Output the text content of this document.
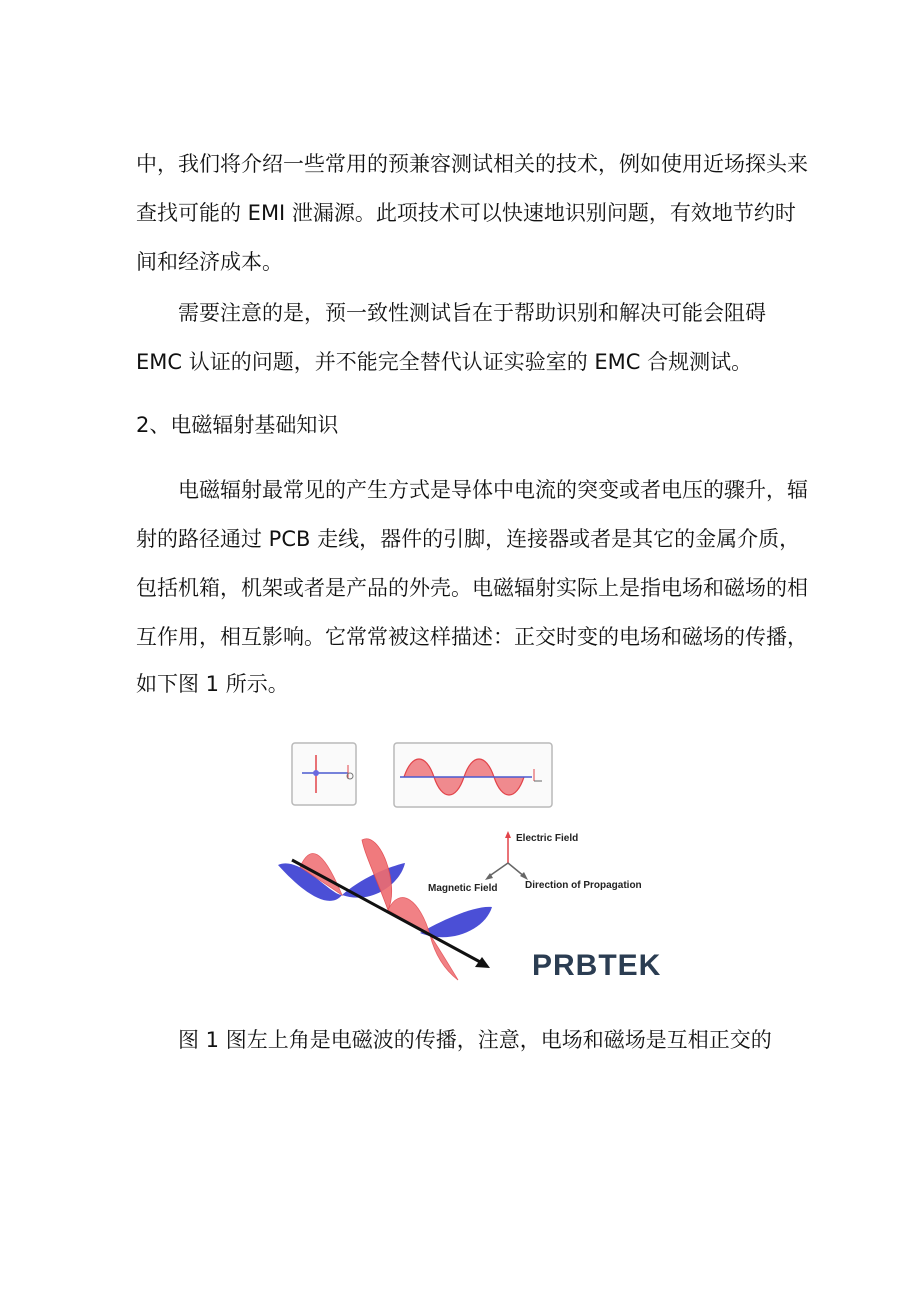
中，我们将介绍一些常用的预兼容测试相关的技术，例如使用近场探头来
查找可能的 EMI 泄漏源。此项技术可以快速地识别问题，有效地节约时
间和经济成本。
需要注意的是，预一致性测试旨在于帮助识别和解决可能会阻碍
EMC 认证的问题，并不能完全替代认证实验室的 EMC 合规测试。
2、电磁辐射基础知识
电磁辐射最常见的产生方式是导体中电流的突变或者电压的骤升，辐
射的路径通过 PCB 走线，器件的引脚，连接器或者是其它的金属介质，
包括机箱，机架或者是产品的外壳。电磁辐射实际上是指电场和磁场的相
互作用，相互影响。它常常被这样描述：正交时变的电场和磁场的传播，
如下图 1 所示。
Electric Field
Magnetic Field	Direction of Propagation
PRBTEK
图 1 图左上角是电磁波的传播，注意，电场和磁场是互相正交的
